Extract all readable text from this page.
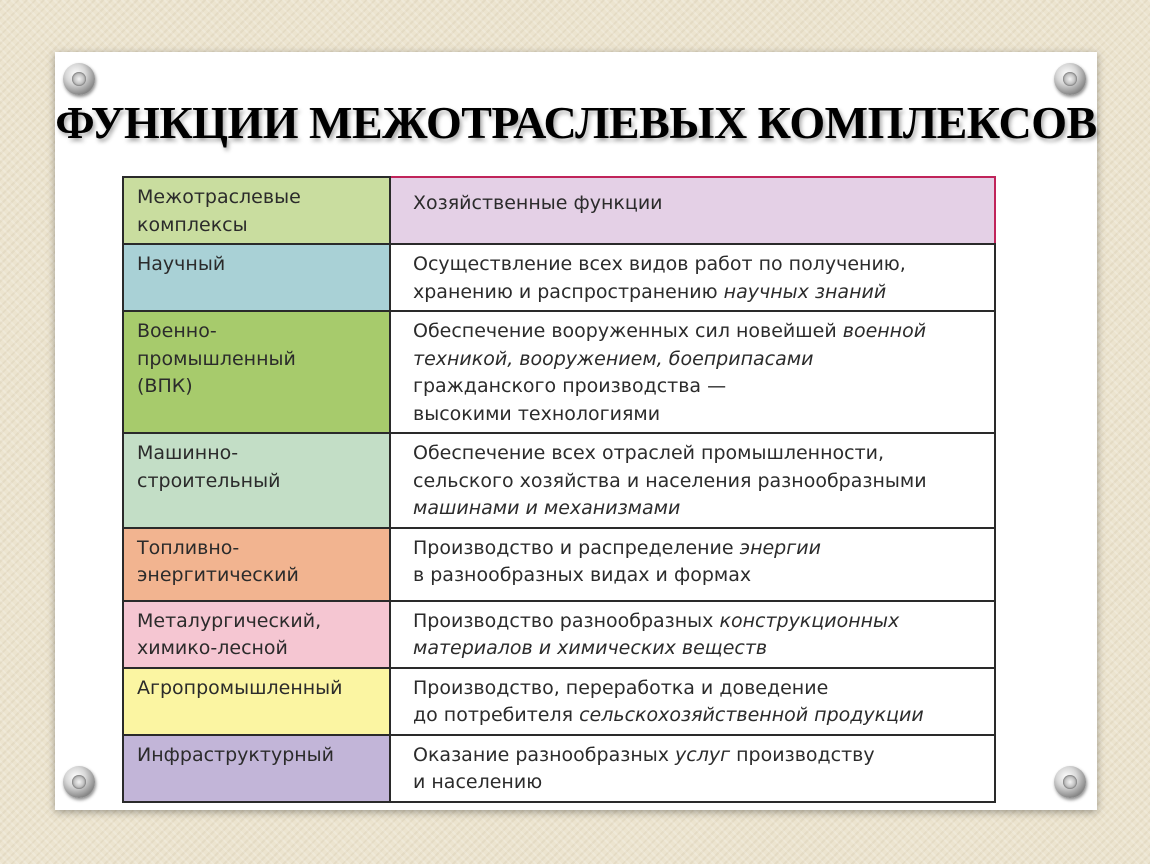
ФУНКЦИИ МЕЖОТРАСЛЕВЫХ КОМПЛЕКСОВ
Межотраслевые
комплексы	Хозяйственные функции

Научный	Осуществление всех видов работ по получению,
хранению и распространению научных знаний

Военно-
промышленный
(ВПК)	Обеспечение вооруженных сил новейшей военной
техникой, вооружением, боеприпасами
гражданского производства —
высокими технологиями

Машинно-
строительный	Обеспечение всех отраслей промышленности,
сельского хозяйства и населения разнообразными
машинами и механизмами

Топливно-
энергитический	Производство и распределение энергии
в разнообразных видах и формах

Металургический,
химико-лесной	Производство разнообразных конструкционных
материалов и химических веществ

Агропромышленный	Производство, переработка и доведение
до потребителя сельскохозяйственной продукции

Инфраструктурный	Оказание разнообразных услуг производству
и населению
